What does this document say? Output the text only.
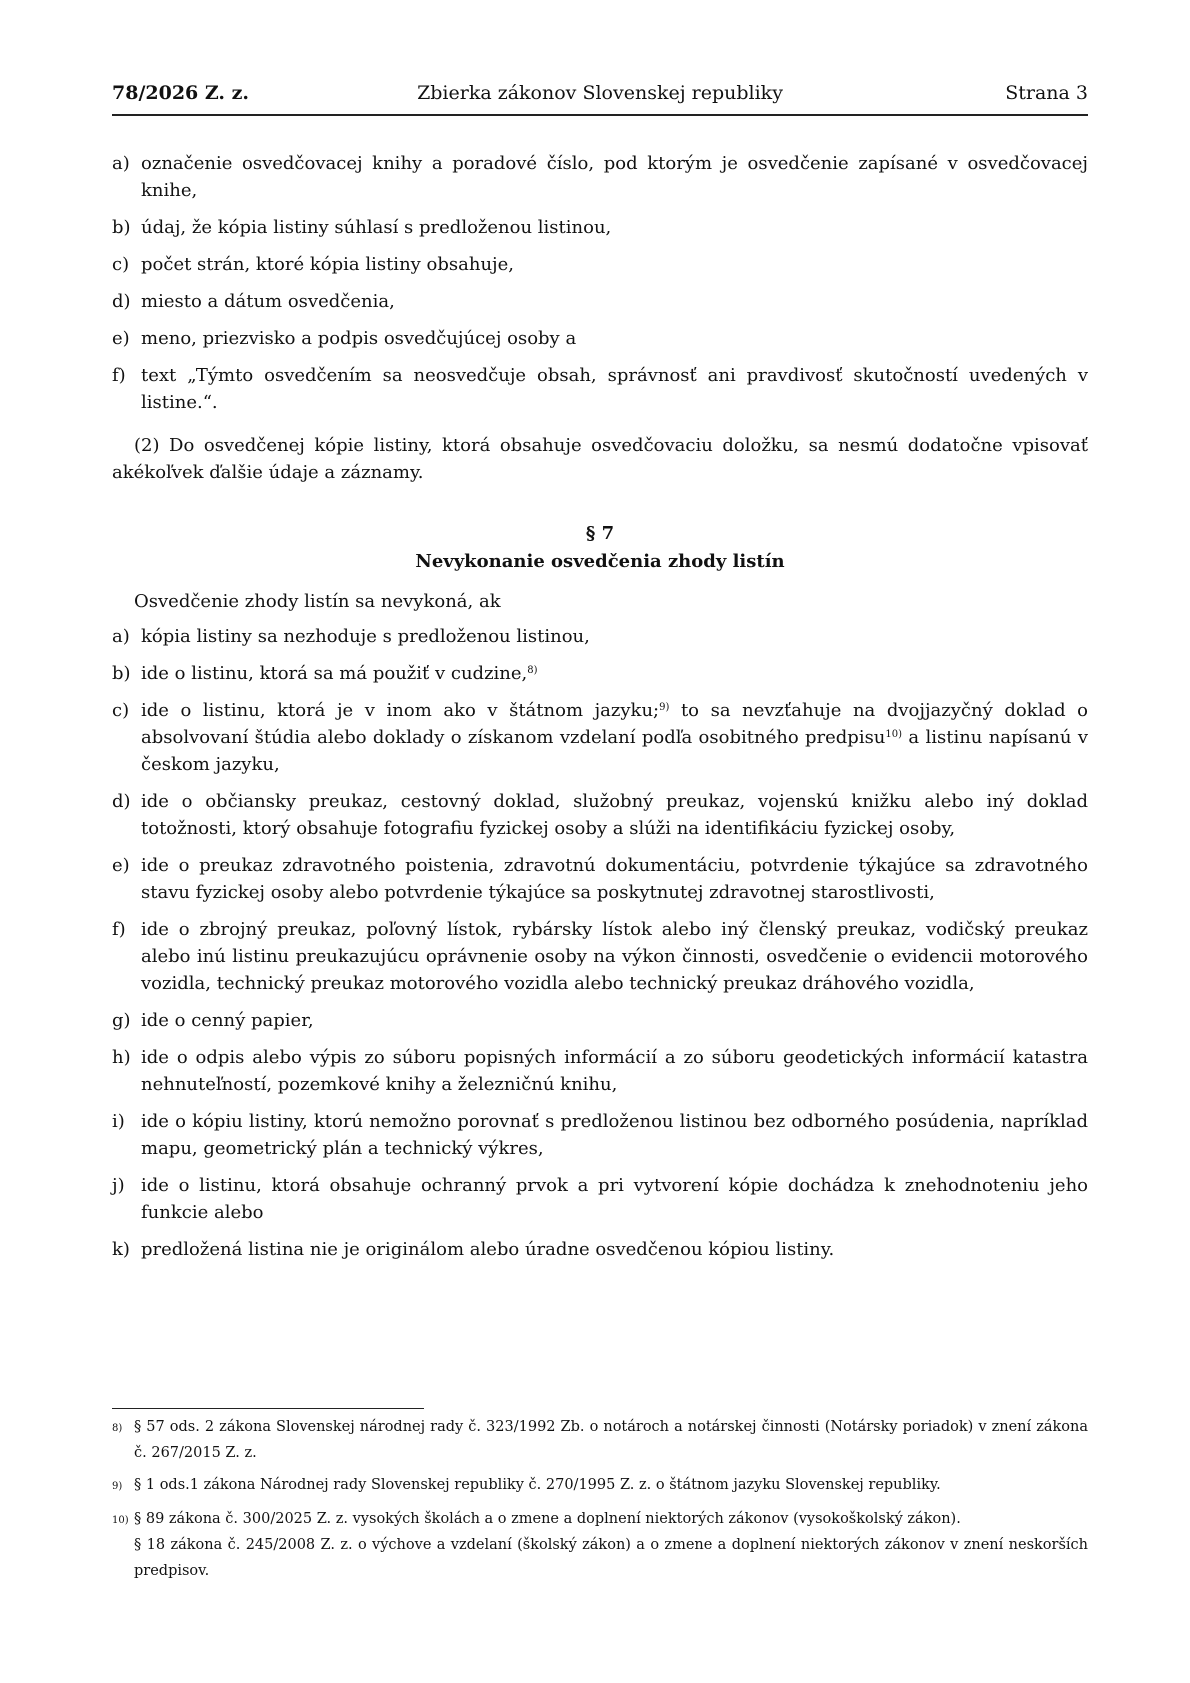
78/2026 Z. z.	Zbierka zákonov Slovenskej republiky	Strana 3
a) označenie osvedčovacej knihy a poradové číslo, pod ktorým je osvedčenie zapísané v osvedčovacej knihe,
b) údaj, že kópia listiny súhlasí s predloženou listinou,
c) počet strán, ktoré kópia listiny obsahuje,
d) miesto a dátum osvedčenia,
e) meno, priezvisko a podpis osvedčujúcej osoby a
f) text „Týmto osvedčením sa neosvedčuje obsah, správnosť ani pravdivosť skutočností uvedených v listine.“.

(2) Do osvedčenej kópie listiny, ktorá obsahuje osvedčovaciu doložku, sa nesmú dodatočne vpisovať akékoľvek ďalšie údaje a záznamy.

§ 7
Nevykonanie osvedčenia zhody listín
Osvedčenie zhody listín sa nevykoná, ak
a) kópia listiny sa nezhoduje s predloženou listinou,
b) ide o listinu, ktorá sa má použiť v cudzine,$^{8)}$
c) ide o listinu, ktorá je v inom ako v štátnom jazyku;$^{9)}$ to sa nevzťahuje na dvojjazyčný doklad o absolvovaní štúdia alebo doklady o získanom vzdelaní podľa osobitného predpisu$^{10)}$ a listinu napísanú v českom jazyku,
d) ide o občiansky preukaz, cestovný doklad, služobný preukaz, vojenskú knižku alebo iný doklad totožnosti, ktorý obsahuje fotografiu fyzickej osoby a slúži na identifikáciu fyzickej osoby,
e) ide o preukaz zdravotného poistenia, zdravotnú dokumentáciu, potvrdenie týkajúce sa zdravotného stavu fyzickej osoby alebo potvrdenie týkajúce sa poskytnutej zdravotnej starostlivosti,
f) ide o zbrojný preukaz, poľovný lístok, rybársky lístok alebo iný členský preukaz, vodičský preukaz alebo inú listinu preukazujúcu oprávnenie osoby na výkon činnosti, osvedčenie o evidencii motorového vozidla, technický preukaz motorového vozidla alebo technický preukaz dráhového vozidla,
g) ide o cenný papier,
h) ide o odpis alebo výpis zo súboru popisných informácií a zo súboru geodetických informácií katastra nehnuteľností, pozemkové knihy a železničnú knihu,
i) ide o kópiu listiny, ktorú nemožno porovnať s predloženou listinou bez odborného posúdenia, napríklad mapu, geometrický plán a technický výkres,
j) ide o listinu, ktorá obsahuje ochranný prvok a pri vytvorení kópie dochádza k znehodnoteniu jeho funkcie alebo
k) predložená listina nie je originálom alebo úradne osvedčenou kópiou listiny.
8) § 57 ods. 2 zákona Slovenskej národnej rady č. 323/1992 Zb. o notároch a notárskej činnosti (Notársky poriadok) v znení zákona č. 267/2015 Z. z.
9) § 1 ods.1 zákona Národnej rady Slovenskej republiky č. 270/1995 Z. z. o štátnom jazyku Slovenskej republiky.
10) § 89 zákona č. 300/2025 Z. z. vysokých školách a o zmene a doplnení niektorých zákonov (vysokoškolský zákon).
§ 18 zákona č. 245/2008 Z. z. o výchove a vzdelaní (školský zákon) a o zmene a doplnení niektorých zákonov v znení neskorších predpisov.
